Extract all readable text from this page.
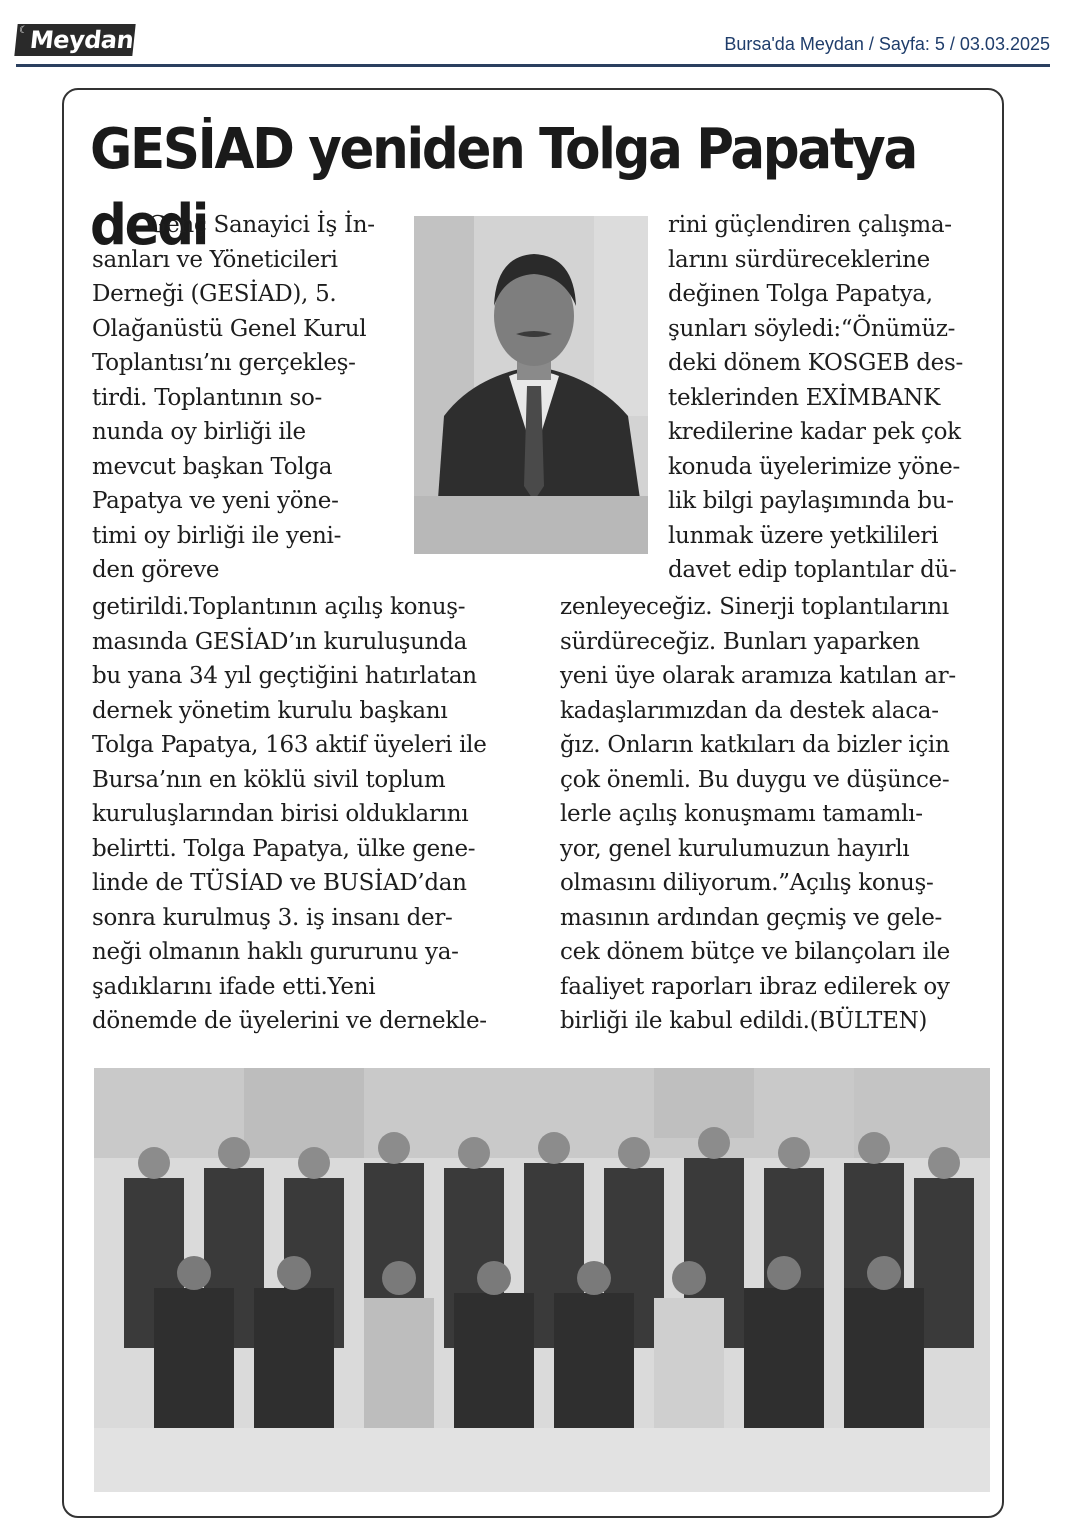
☾ Meydan	Bursa'da Meydan / Sayfa: 5 / 03.03.2025
GESİAD yeniden Tolga Papatya dedi
Genç Sanayici İş İn-
sanları ve Yöneticileri
Derneği (GESİAD), 5.
Olağanüstü Genel Kurul
Toplantısı’nı gerçekleş-
tirdi. Toplantının so-
nunda oy birliği ile
mevcut başkan Tolga
Papatya ve yeni yöne-
timi oy birliği ile yeni-
den göreve
getirildi.Toplantının açılış konuş-
masında GESİAD’ın kuruluşunda
bu yana 34 yıl geçtiğini hatırlatan
dernek yönetim kurulu başkanı
Tolga Papatya, 163 aktif üyeleri ile
Bursa’nın en köklü sivil toplum
kuruluşlarından birisi olduklarını
belirtti. Tolga Papatya, ülke gene-
linde de TÜSİAD ve BUSİAD’dan
sonra kurulmuş 3. iş insanı der-
neği olmanın haklı gururunu ya-
şadıklarını ifade etti.Yeni
dönemde de üyelerini ve dernekle-
rini güçlendiren çalışma-
larını sürdüreceklerine
değinen Tolga Papatya,
şunları söyledi:“Önümüz-
deki dönem KOSGEB des-
teklerinden EXİMBANK
kredilerine kadar pek çok
konuda üyelerimize yöne-
lik bilgi paylaşımında bu-
lunmak üzere yetkilileri
davet edip toplantılar dü-
zenleyeceğiz. Sinerji toplantılarını
sürdüreceğiz. Bunları yaparken
yeni üye olarak aramıza katılan ar-
kadaşlarımızdan da destek alaca-
ğız. Onların katkıları da bizler için
çok önemli. Bu duygu ve düşünce-
lerle açılış konuşmamı tamamlı-
yor, genel kurulumuzun hayırlı
olmasını diliyorum.”Açılış konuş-
masının ardından geçmiş ve gele-
cek dönem bütçe ve bilançoları ile
faaliyet raporları ibraz edilerek oy
birliği ile kabul edildi.(BÜLTEN)
